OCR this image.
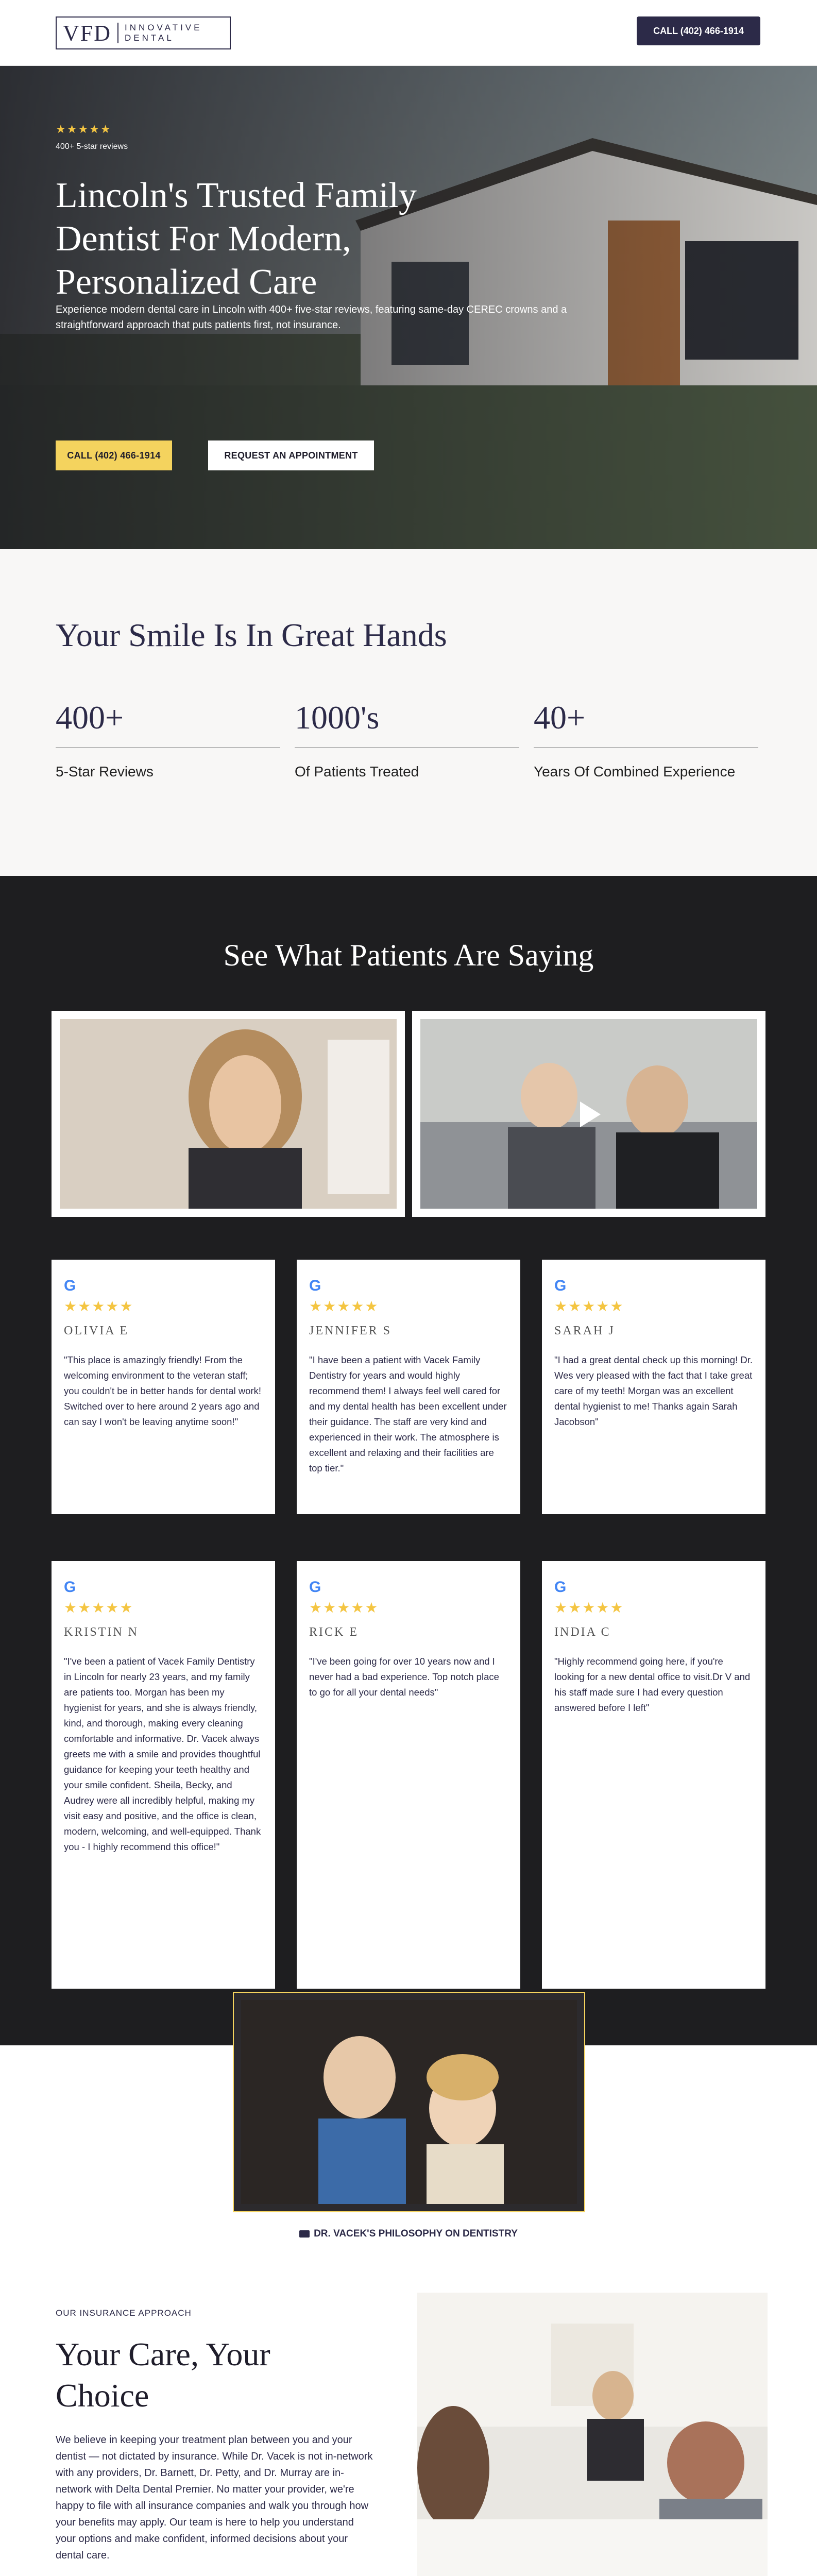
VFD INNOVATIVE
DENTAL
CALL (402) 466-1914
★★★★★
400+ 5-star reviews
Lincoln's Trusted Family
Dentist For Modern,
Personalized Care
Experience modern dental care in Lincoln with 400+ five-star reviews, featuring same-day CEREC crowns and a straightforward approach that puts patients first, not insurance.
CALL (402) 466-1914	REQUEST AN APPOINTMENT
Your Smile Is In Great Hands
400+
5-Star Reviews
1000's
Of Patients Treated
40+
Years Of Combined Experience
See What Patients Are Saying
G
★★★★★
OLIVIA E
"This place is amazingly friendly! From the welcoming environment to the veteran staff; you couldn't be in better hands for dental work! Switched over to here around 2 years ago and can say I won't be leaving anytime soon!"
G
★★★★★
JENNIFER S
"I have been a patient with Vacek Family Dentistry for years and would highly recommend them! I always feel well cared for and my dental health has been excellent under their guidance. The staff are very kind and experienced in their work. The atmosphere is excellent and relaxing and their facilities are top tier."
G
★★★★★
SARAH J
"I had a great dental check up this morning! Dr. Wes very pleased with the fact that I take great care of my teeth! Morgan was an excellent dental hygienist to me! Thanks again Sarah Jacobson"
G
★★★★★
KRISTIN N
"I've been a patient of Vacek Family Dentistry in Lincoln for nearly 23 years, and my family are patients too. Morgan has been my hygienist for years, and she is always friendly, kind, and thorough, making every cleaning comfortable and informative. Dr. Vacek always greets me with a smile and provides thoughtful guidance for keeping your teeth healthy and your smile confident. Sheila, Becky, and Audrey were all incredibly helpful, making my visit easy and positive, and the office is clean, modern, welcoming, and well-equipped. Thank you - I highly recommend this office!"
G
★★★★★
RICK E
"I've been going for over 10 years now and I never had a bad experience. Top notch place to go for all your dental needs"
G
★★★★★
INDIA C
"Highly recommend going here, if you're looking for a new dental office to visit.Dr V and his staff made sure I had every question answered before I left"
DR. VACEK'S PHILOSOPHY ON DENTISTRY
OUR INSURANCE APPROACH
Your Care, Your
Choice
We believe in keeping your treatment plan between you and your dentist — not dictated by insurance. While Dr. Vacek is not in-network with any providers, Dr. Barnett, Dr. Petty, and Dr. Murray are in-network with Delta Dental Premier. No matter your provider, we're happy to file with all insurance companies and walk you through how your benefits may apply. Our team is here to help you understand your options and make confident, informed decisions about your dental care.
